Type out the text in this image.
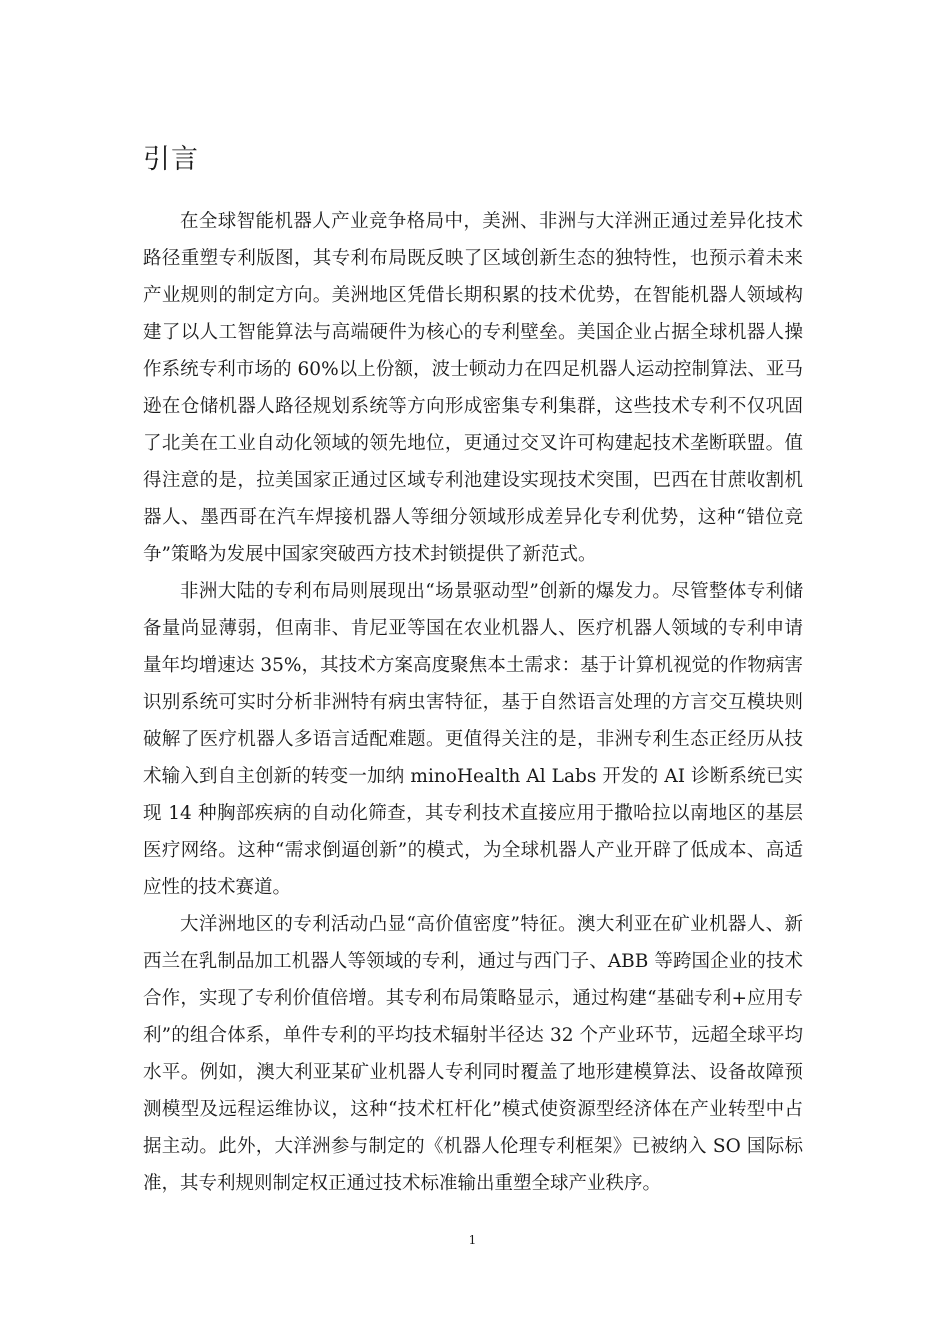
引言

在全球智能机器人产业竞争格局中，美洲、非洲与大洋洲正通过差异化技术路径重塑专利版图，其专利布局既反映了区域创新生态的独特性，也预示着未来产业规则的制定方向。美洲地区凭借长期积累的技术优势，在智能机器人领域构建了以人工智能算法与高端硬件为核心的专利壁垒。美国企业占据全球机器人操作系统专利市场的 60%以上份额，波士顿动力在四足机器人运动控制算法、亚马逊在仓储机器人路径规划系统等方向形成密集专利集群，这些技术专利不仅巩固了北美在工业自动化领域的领先地位，更通过交叉许可构建起技术垄断联盟。值得注意的是，拉美国家正通过区域专利池建设实现技术突围，巴西在甘蔗收割机器人、墨西哥在汽车焊接机器人等细分领域形成差异化专利优势，这种“错位竞争”策略为发展中国家突破西方技术封锁提供了新范式。

非洲大陆的专利布局则展现出“场景驱动型”创新的爆发力。尽管整体专利储备量尚显薄弱，但南非、肯尼亚等国在农业机器人、医疗机器人领域的专利申请量年均增速达 35%，其技术方案高度聚焦本土需求：基于计算机视觉的作物病害识别系统可实时分析非洲特有病虫害特征，基于自然语言处理的方言交互模块则破解了医疗机器人多语言适配难题。更值得关注的是，非洲专利生态正经历从技术输入到自主创新的转变一加纳 minoHealth Al Labs 开发的 AI 诊断系统已实现 14 种胸部疾病的自动化筛查，其专利技术直接应用于撒哈拉以南地区的基层医疗网络。这种“需求倒逼创新”的模式，为全球机器人产业开辟了低成本、高适应性的技术赛道。

大洋洲地区的专利活动凸显“高价值密度”特征。澳大利亚在矿业机器人、新西兰在乳制品加工机器人等领域的专利，通过与西门子、ABB 等跨国企业的技术合作，实现了专利价值倍增。其专利布局策略显示，通过构建“基础专利+应用专利”的组合体系，单件专利的平均技术辐射半径达 32 个产业环节，远超全球平均水平。例如，澳大利亚某矿业机器人专利同时覆盖了地形建模算法、设备故障预测模型及远程运维协议，这种“技术杠杆化”模式使资源型经济体在产业转型中占据主动。此外，大洋洲参与制定的《机器人伦理专利框架》已被纳入 SO 国际标准，其专利规则制定权正通过技术标准输出重塑全球产业秩序。

1
